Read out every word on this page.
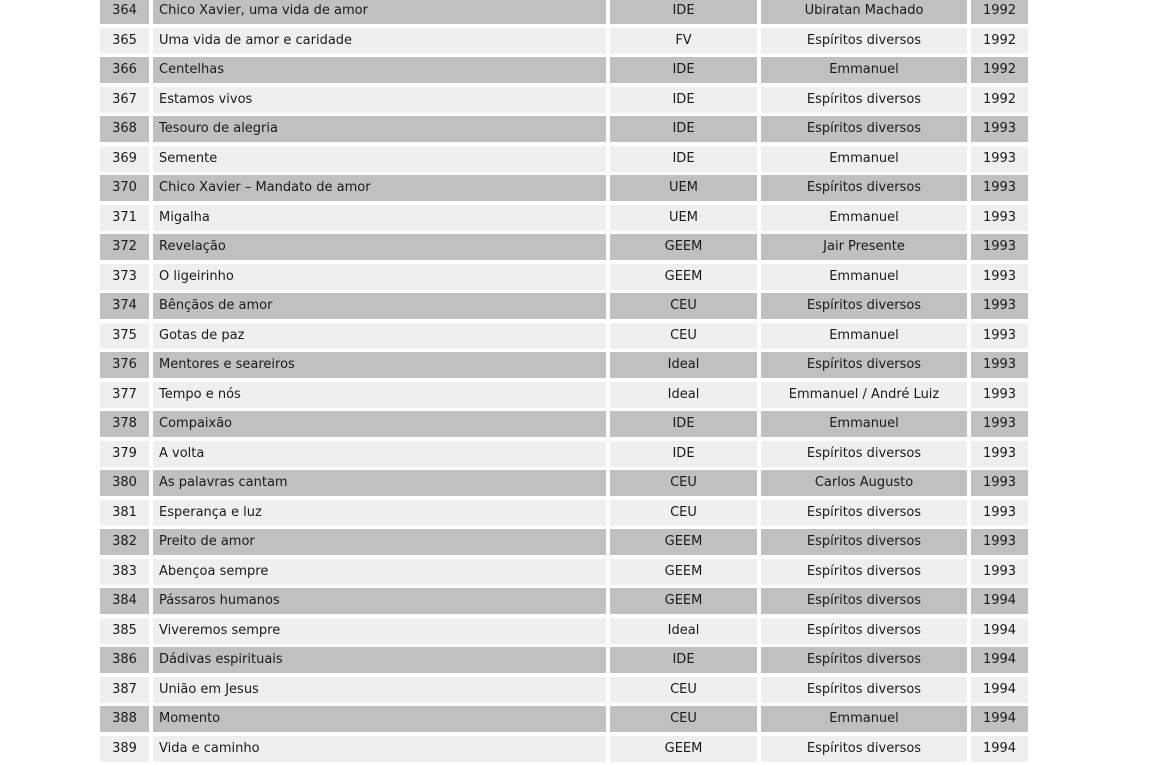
364	Chico Xavier, uma vida de amor	IDE	Ubiratan Machado	1992
365	Uma vida de amor e caridade	FV	Espíritos diversos	1992
366	Centelhas	IDE	Emmanuel	1992
367	Estamos vivos	IDE	Espíritos diversos	1992
368	Tesouro de alegria	IDE	Espíritos diversos	1993
369	Semente	IDE	Emmanuel	1993
370	Chico Xavier – Mandato de amor	UEM	Espíritos diversos	1993
371	Migalha	UEM	Emmanuel	1993
372	Revelação	GEEM	Jair Presente	1993
373	O ligeirinho	GEEM	Emmanuel	1993
374	Bênçãos de amor	CEU	Espíritos diversos	1993
375	Gotas de paz	CEU	Emmanuel	1993
376	Mentores e seareiros	Ideal	Espíritos diversos	1993
377	Tempo e nós	Ideal	Emmanuel / André Luiz	1993
378	Compaixão	IDE	Emmanuel	1993
379	A volta	IDE	Espíritos diversos	1993
380	As palavras cantam	CEU	Carlos Augusto	1993
381	Esperança e luz	CEU	Espíritos diversos	1993
382	Preito de amor	GEEM	Espíritos diversos	1993
383	Abençoa sempre	GEEM	Espíritos diversos	1993
384	Pássaros humanos	GEEM	Espíritos diversos	1994
385	Viveremos sempre	Ideal	Espíritos diversos	1994
386	Dádivas espirituais	IDE	Espíritos diversos	1994
387	União em Jesus	CEU	Espíritos diversos	1994
388	Momento	CEU	Emmanuel	1994
389	Vida e caminho	GEEM	Espíritos diversos	1994
